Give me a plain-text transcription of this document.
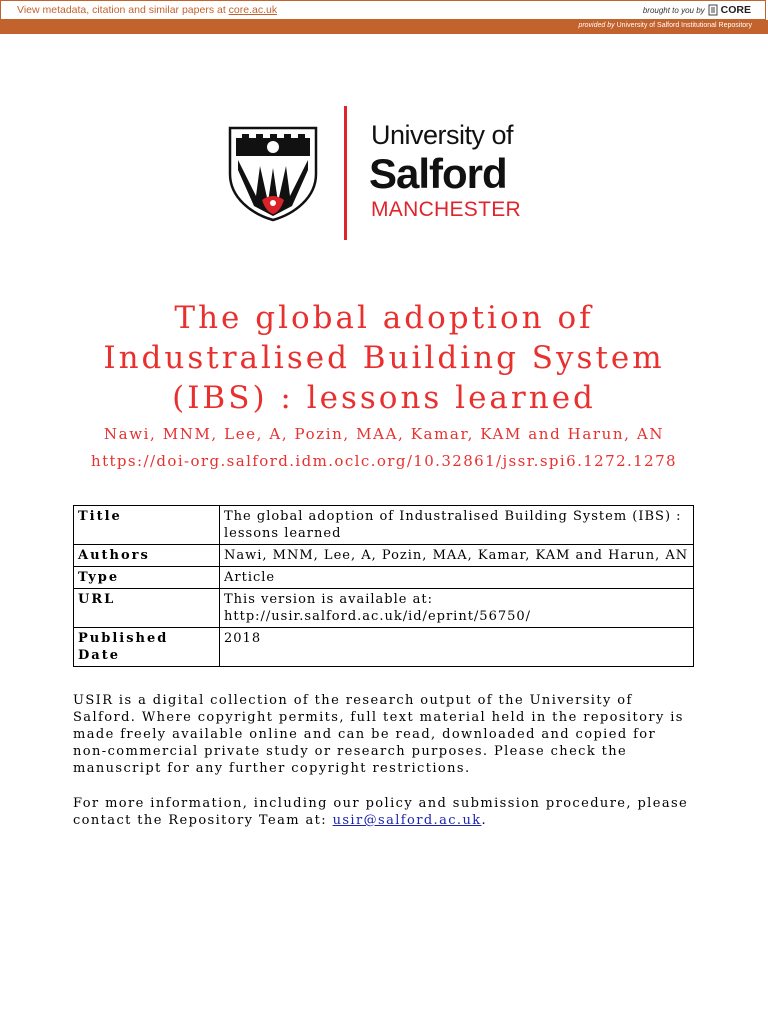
View metadata, citation and similar papers at core.ac.uk	brought to you by CORE
provided by University of Salford Institutional Repository
University of
Salford
MANCHESTER
The global adoption of
Industralised Building System
(IBS) : lessons learned
Nawi, MNM, Lee, A, Pozin, MAA, Kamar, KAM and Harun, AN
https://doi-org.salford.idm.oclc.org/10.32861/jssr.spi6.1272.1278
Title	The global adoption of Industralised Building System (IBS) : lessons learned
Authors	Nawi, MNM, Lee, A, Pozin, MAA, Kamar, KAM and Harun, AN
Type	Article
URL	This version is available at:
http://usir.salford.ac.uk/id/eprint/56750/

Published Date	2018
USIR is a digital collection of the research output of the University of Salford. Where copyright permits, full text material held in the repository is made freely available online and can be read, downloaded and copied for non-commercial private study or research purposes. Please check the manuscript for any further copyright restrictions.
For more information, including our policy and submission procedure, please contact the Repository Team at: usir@salford.ac.uk.
